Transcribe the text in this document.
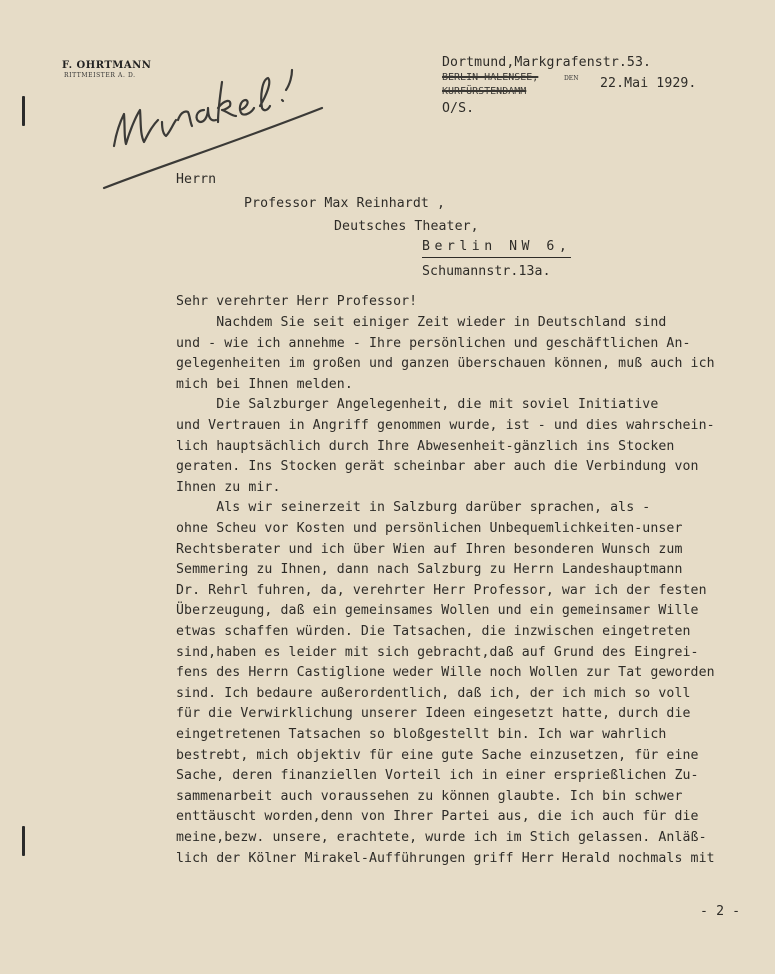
F. OHRTMANN
RITTMEISTER A. D.
Dortmund,Markgrafenstr.53.
BERLIN-HALENSEE,	DEN 22.Mai 1929.
KURFÜRSTENDAMM
O/S.
Herrn
Professor Max Reinhardt ,
Deutsches Theater,
Berlin NW 6,
Schumannstr.13a.
Sehr verehrter Herr Professor!
Nachdem Sie seit einiger Zeit wieder in Deutschland sind
und - wie ich annehme - Ihre persönlichen und geschäftlichen An-
gelegenheiten im großen und ganzen überschauen können, muß auch ich
mich bei Ihnen melden.
Die Salzburger Angelegenheit, die mit soviel Initiative
und Vertrauen in Angriff genommen wurde, ist - und dies wahrschein-
lich hauptsächlich durch Ihre Abwesenheit-gänzlich ins Stocken
geraten. Ins Stocken gerät scheinbar aber auch die Verbindung von
Ihnen zu mir.
Als wir seinerzeit in Salzburg darüber sprachen, als -
ohne Scheu vor Kosten und persönlichen Unbequemlichkeiten-unser
Rechtsberater und ich über Wien auf Ihren besonderen Wunsch zum
Semmering zu Ihnen, dann nach Salzburg zu Herrn Landeshauptmann
Dr. Rehrl fuhren, da, verehrter Herr Professor, war ich der festen
Überzeugung, daß ein gemeinsames Wollen und ein gemeinsamer Wille
etwas schaffen würden. Die Tatsachen, die inzwischen eingetreten
sind,haben es leider mit sich gebracht,daß auf Grund des Eingrei-
fens des Herrn Castiglione weder Wille noch Wollen zur Tat geworden
sind. Ich bedaure außerordentlich, daß ich, der ich mich so voll
für die Verwirklichung unserer Ideen eingesetzt hatte, durch die
eingetretenen Tatsachen so bloßgestellt bin. Ich war wahrlich
bestrebt, mich objektiv für eine gute Sache einzusetzen, für eine
Sache, deren finanziellen Vorteil ich in einer ersprießlichen Zu-
sammenarbeit auch voraussehen zu können glaubte. Ich bin schwer
enttäuscht worden,denn von Ihrer Partei aus, die ich auch für die
meine,bezw. unsere, erachtete, wurde ich im Stich gelassen. Anläß-
lich der Kölner Mirakel-Aufführungen griff Herr Herald nochmals mit
- 2 -
